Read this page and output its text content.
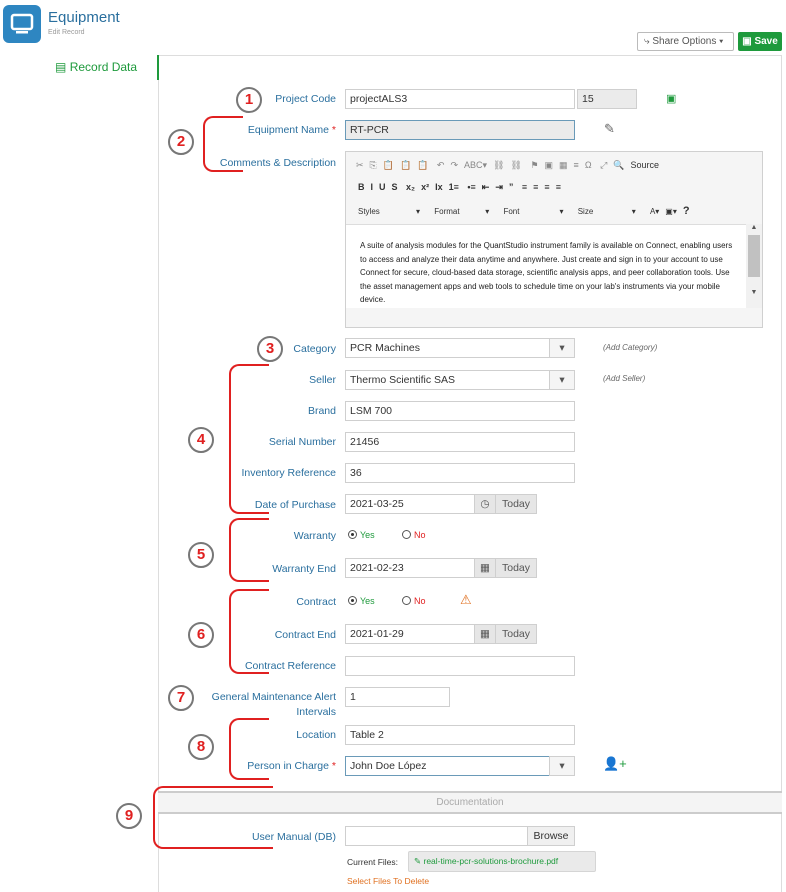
Equipment
Edit Record
⤷ Share Options ▾	▣ Save
▤ Record Data
1
2
3
4
5
6
7
8
9
Project Code	projectALS3	15	▣
Equipment Name *	RT-PCR	✎
Comments & Description ✂ ⎘ 📋 📋 📋 ↶ ↷ ABC▾ ⛓ ⛓ ⚑ ▣ ▦ ≡ Ω ⤢ 🔍 Source
B I U S x₂ x² Ix 1≡ •≡ ⇤ ⇥ ” ≡ ≡ ≡ ≡
Styles	▾ Format	▾ Font	▾ Size	▾ A▾ ▣▾ ?
A suite of analysis modules for the QuantStudio instrument family is available on Connect, enabling users to access and analyze their data anytime and anywhere. Just create and sign in to your account to use Connect for secure, cloud-based data storage, scientific analysis apps, and peer collaboration tools. Use the asset management apps and web tools to schedule time on your lab's instruments via your mobile device.
▲
▼
Category	PCR Machines	▾	(Add Category)
Seller	Thermo Scientific SAS	▾	(Add Seller)
Brand	LSM 700
Serial Number	21456
Inventory Reference	36
Date of Purchase	2021-03-25	◷	Today
Warranty	Yes	No
Warranty End	2021-02-23	▦	Today
Contract	Yes	No	⚠
Contract End	2021-01-29	▦	Today
Contract Reference
General Maintenance Alert
Intervals
1
Location	Table 2
Person in Charge *	John Doe López	▾	👤+
Documentation
User Manual (DB)	Browse
Current Files:	✎ real-time-pcr-solutions-brochure.pdf
Select Files To Delete
